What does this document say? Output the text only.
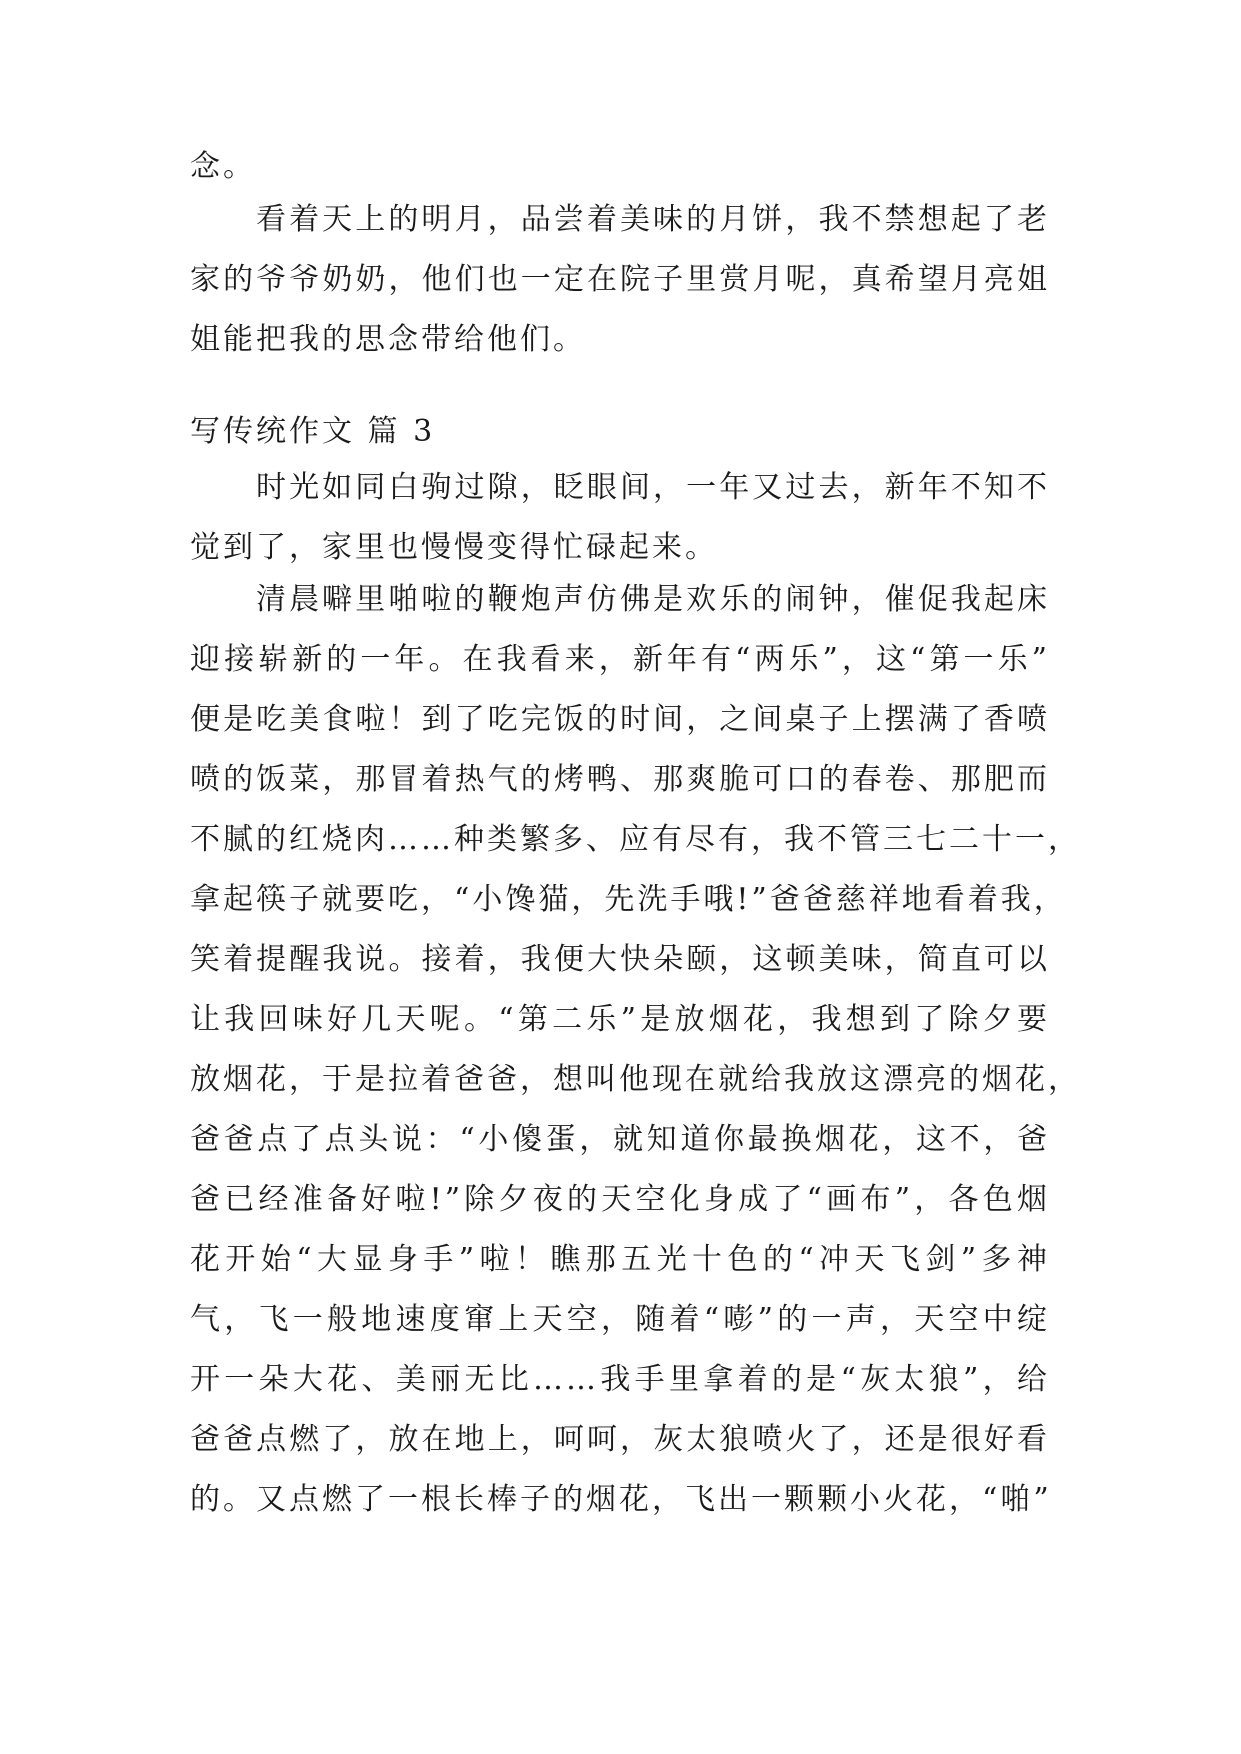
念。
看着天上的明月，品尝着美味的月饼，我不禁想起了老
家的爷爷奶奶，他们也一定在院子里赏月呢，真希望月亮姐
姐能把我的思念带给他们。
写传统作文 篇 3
时光如同白驹过隙，眨眼间，一年又过去，新年不知不
觉到了，家里也慢慢变得忙碌起来。
清晨噼里啪啦的鞭炮声仿佛是欢乐的闹钟，催促我起床
迎接崭新的一年。在我看来，新年有“两乐”，这“第一乐”
便是吃美食啦！到了吃完饭的时间，之间桌子上摆满了香喷
喷的饭菜，那冒着热气的烤鸭、那爽脆可口的春卷、那肥而
不腻的红烧肉……种类繁多、应有尽有，我不管三七二十一，
拿起筷子就要吃，“小馋猫，先洗手哦!”爸爸慈祥地看着我，
笑着提醒我说。接着，我便大快朵颐，这顿美味，简直可以
让我回味好几天呢。“第二乐”是放烟花，我想到了除夕要
放烟花，于是拉着爸爸，想叫他现在就给我放这漂亮的烟花，
爸爸点了点头说：“小傻蛋，就知道你最换烟花，这不，爸
爸已经准备好啦!”除夕夜的天空化身成了“画布”，各色烟
花开始“大显身手”啦！瞧那五光十色的“冲天飞剑”多神
气，飞一般地速度窜上天空，随着“嘭”的一声，天空中绽
开一朵大花、美丽无比……我手里拿着的是“灰太狼”，给
爸爸点燃了，放在地上，呵呵，灰太狼喷火了，还是很好看
的。又点燃了一根长棒子的烟花，飞出一颗颗小火花，“啪”
